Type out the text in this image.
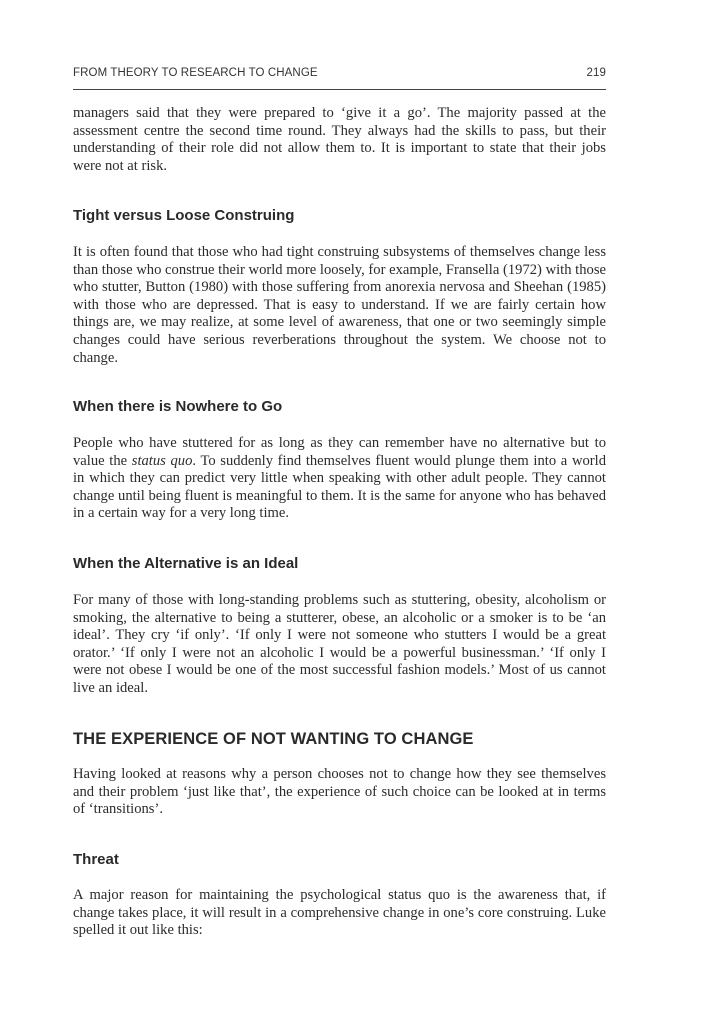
FROM THEORY TO RESEARCH TO CHANGE	219

managers said that they were prepared to ‘give it a go’. The majority passed at the assessment centre the second time round. They always had the skills to pass, but their understanding of their role did not allow them to. It is important to state that their jobs were not at risk.

Tight versus Loose Construing

It is often found that those who had tight construing subsystems of themselves change less than those who construe their world more loosely, for example, Fransella (1972) with those who stutter, Button (1980) with those suffering from anorexia nervosa and Sheehan (1985) with those who are depressed. That is easy to understand. If we are fairly certain how things are, we may realize, at some level of awareness, that one or two seemingly simple changes could have serious reverberations throughout the system. We choose not to change.

When there is Nowhere to Go

People who have stuttered for as long as they can remember have no alternative but to value the status quo. To suddenly find themselves fluent would plunge them into a world in which they can predict very little when speaking with other adult people. They cannot change until being fluent is meaningful to them. It is the same for anyone who has behaved in a certain way for a very long time.

When the Alternative is an Ideal

For many of those with long-standing problems such as stuttering, obesity, alcoholism or smoking, the alternative to being a stutterer, obese, an alcoholic or a smoker is to be ‘an ideal’. They cry ‘if only’. ‘If only I were not someone who stutters I would be a great orator.’ ‘If only I were not an alcoholic I would be a powerful businessman.’ ‘If only I were not obese I would be one of the most successful fashion models.’ Most of us cannot live an ideal.

THE EXPERIENCE OF NOT WANTING TO CHANGE

Having looked at reasons why a person chooses not to change how they see themselves and their problem ‘just like that’, the experience of such choice can be looked at in terms of ‘transitions’.

Threat

A major reason for maintaining the psychological status quo is the awareness that, if change takes place, it will result in a comprehensive change in one’s core construing. Luke spelled it out like this:
